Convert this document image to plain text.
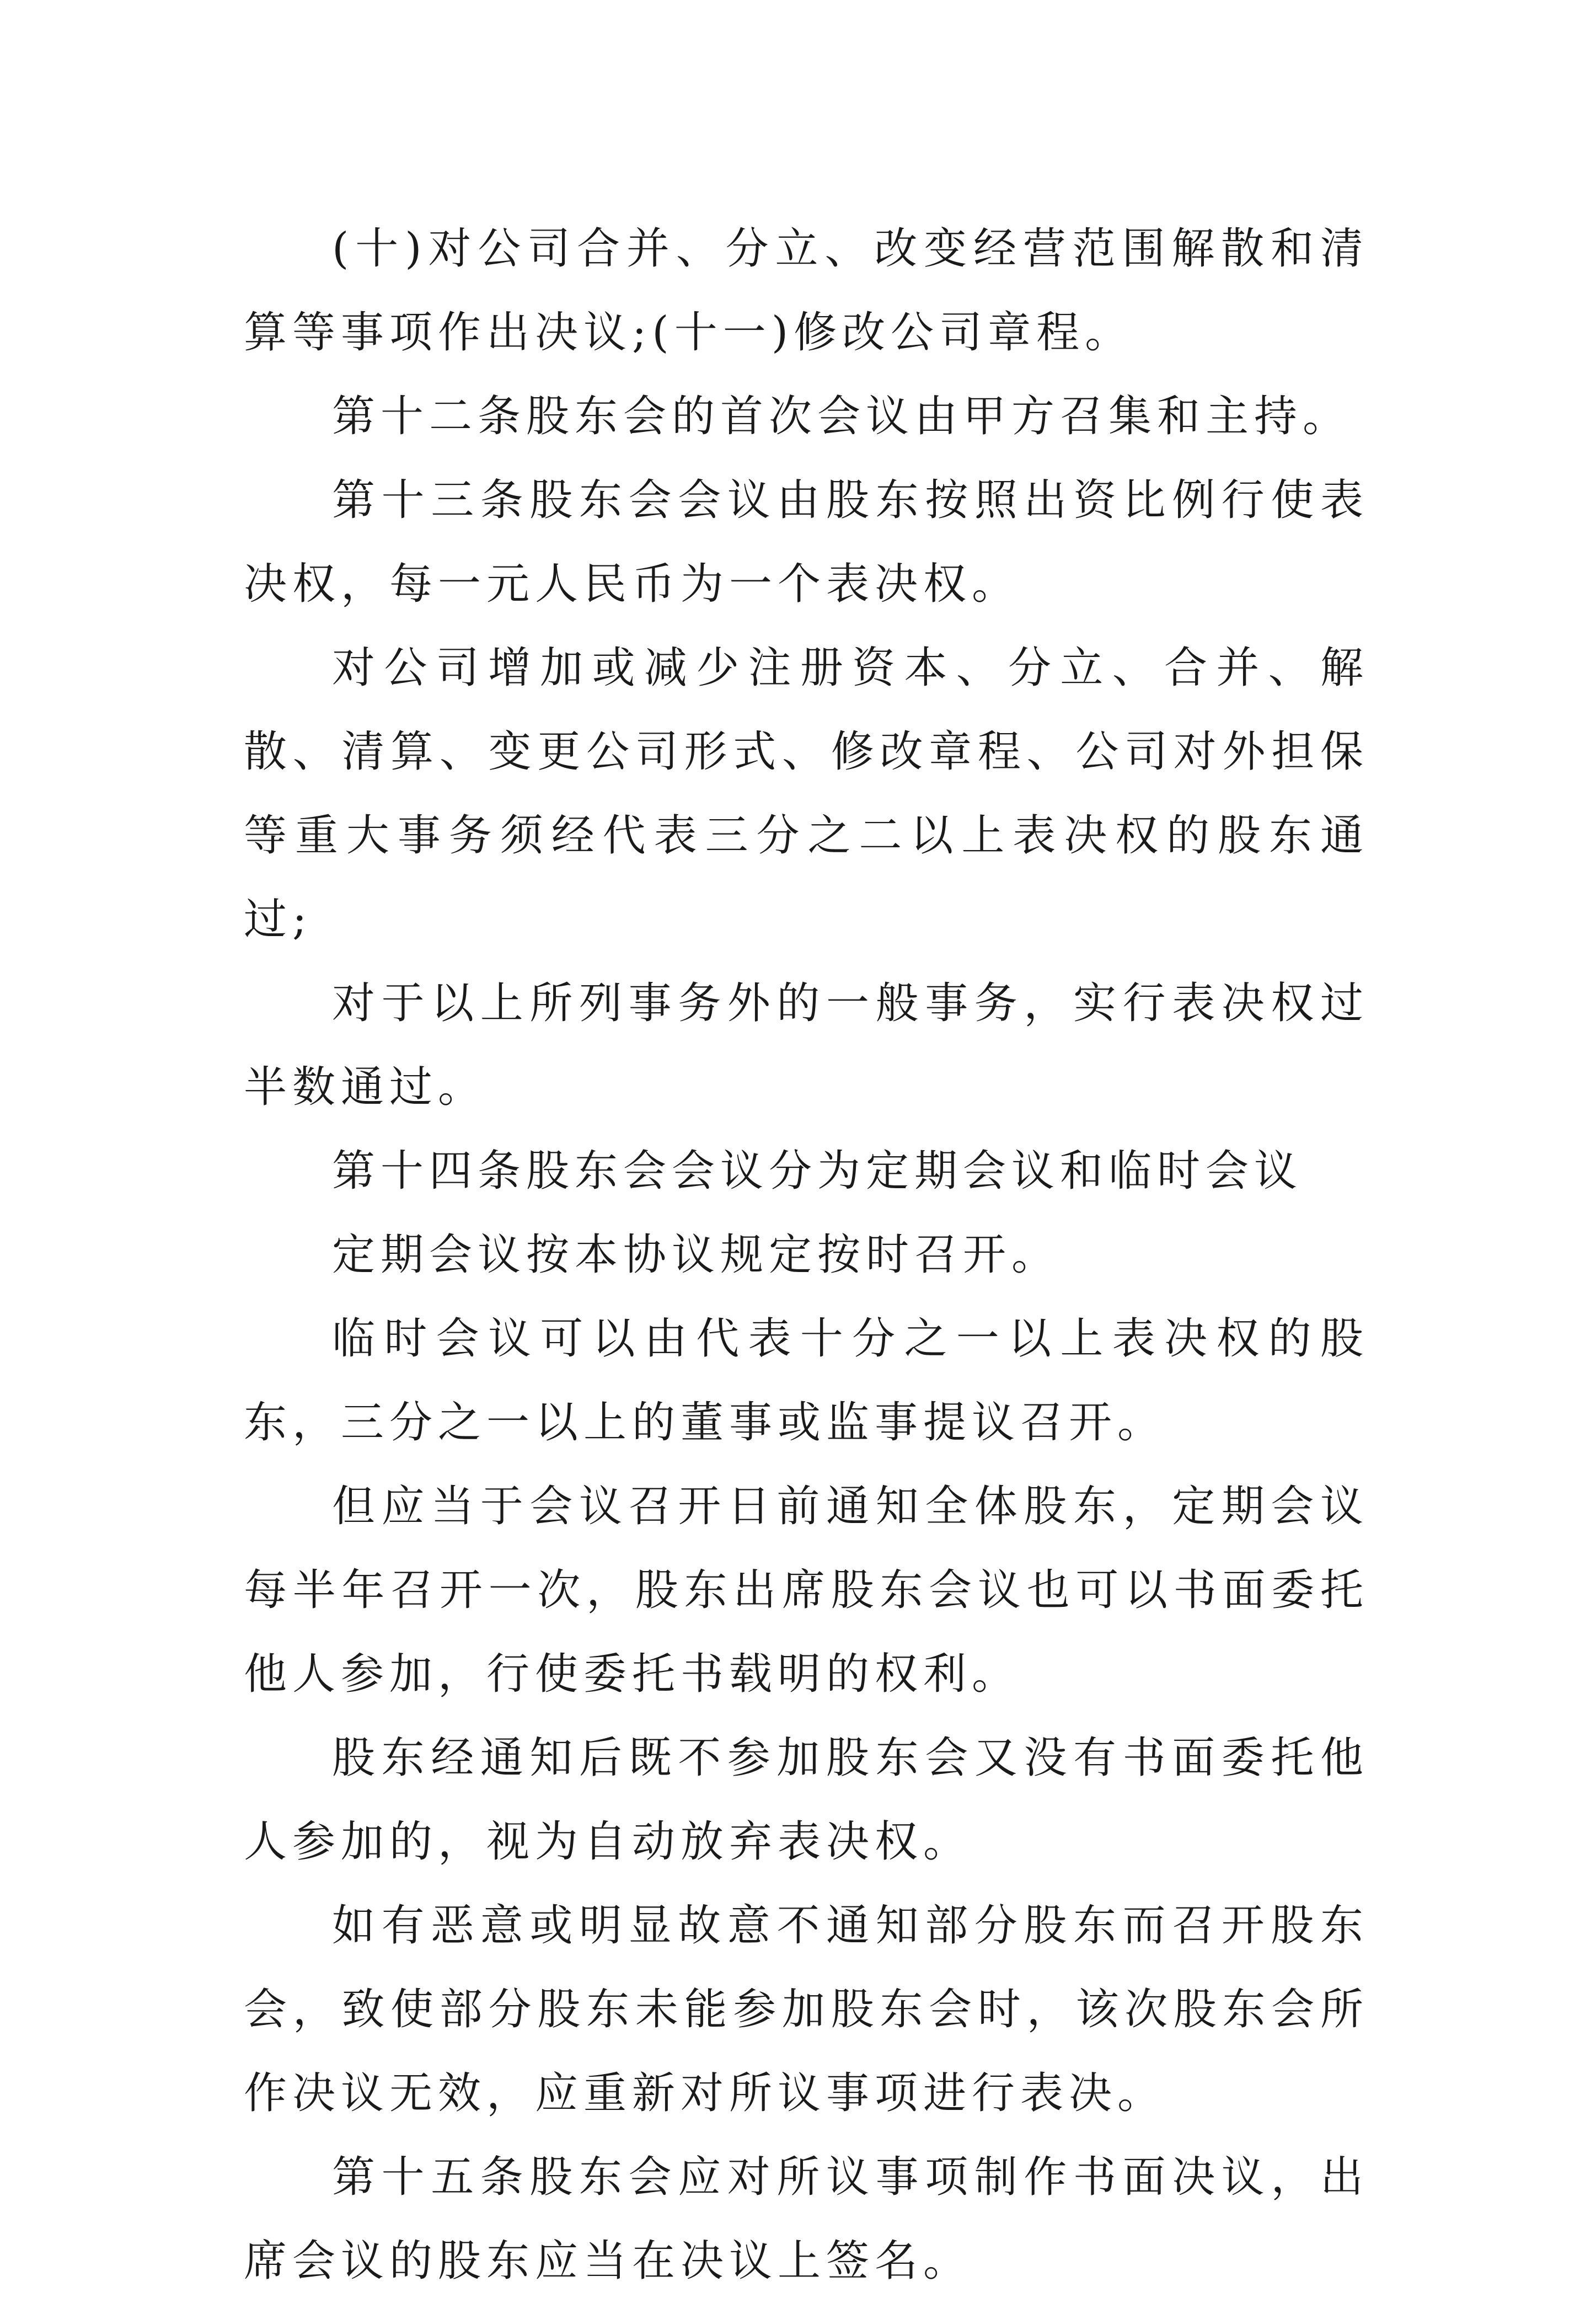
(十)对公司合并、分立、改变经营范围解散和清算等事项作出决议;(十一)修改公司章程。

第十二条股东会的首次会议由甲方召集和主持。

第十三条股东会会议由股东按照出资比例行使表决权，每一元人民币为一个表决权。

对公司增加或减少注册资本、分立、合并、解散、清算、变更公司形式、修改章程、公司对外担保等重大事务须经代表三分之二以上表决权的股东通过;

对于以上所列事务外的一般事务，实行表决权过半数通过。

第十四条股东会会议分为定期会议和临时会议

定期会议按本协议规定按时召开。

临时会议可以由代表十分之一以上表决权的股东，三分之一以上的董事或监事提议召开。

但应当于会议召开日前通知全体股东，定期会议每半年召开一次，股东出席股东会议也可以书面委托他人参加，行使委托书载明的权利。

股东经通知后既不参加股东会又没有书面委托他人参加的，视为自动放弃表决权。

如有恶意或明显故意不通知部分股东而召开股东会，致使部分股东未能参加股东会时，该次股东会所作决议无效，应重新对所议事项进行表决。

第十五条股东会应对所议事项制作书面决议，出席会议的股东应当在决议上签名。
